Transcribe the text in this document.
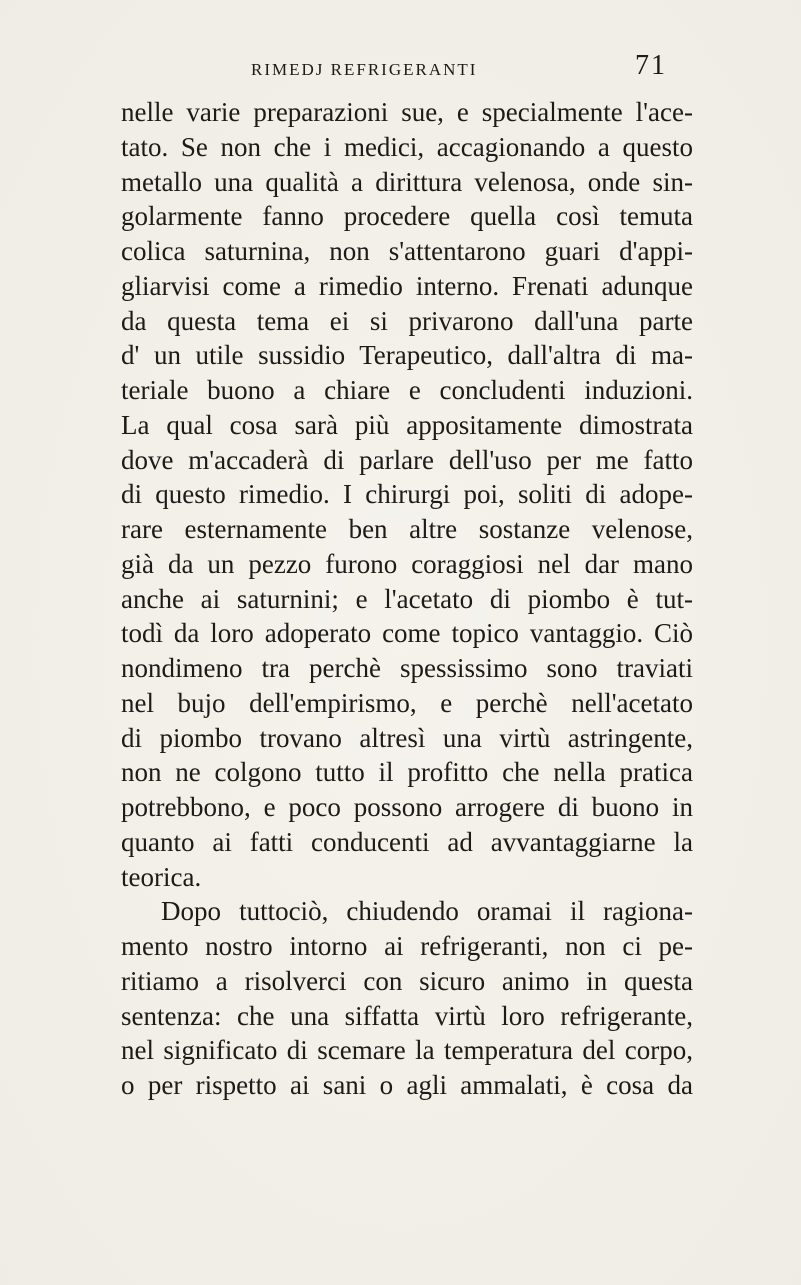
RIMEDJ REFRIGERANTI	71
nelle varie preparazioni sue, e specialmente l'ace-
tato. Se non che i medici, accagionando a questo
metallo una qualità a dirittura velenosa, onde sin-
golarmente fanno procedere quella così temuta
colica saturnina, non s'attentarono guari d'appi-
gliarvisi come a rimedio interno. Frenati adunque
da questa tema ei si privarono dall'una parte
d' un utile sussidio Terapeutico, dall'altra di ma-
teriale buono a chiare e concludenti induzioni.
La qual cosa sarà più appositamente dimostrata
dove m'accaderà di parlare dell'uso per me fatto
di questo rimedio. I chirurgi poi, soliti di adope-
rare esternamente ben altre sostanze velenose,
già da un pezzo furono coraggiosi nel dar mano
anche ai saturnini; e l'acetato di piombo è tut-
todì da loro adoperato come topico vantaggio. Ciò
nondimeno tra perchè spessissimo sono traviati
nel bujo dell'empirismo, e perchè nell'acetato
di piombo trovano altresì una virtù astringente,
non ne colgono tutto il profitto che nella pratica
potrebbono, e poco possono arrogere di buono in
quanto ai fatti conducenti ad avvantaggiarne la
teorica.
Dopo tuttociò, chiudendo oramai il ragiona-
mento nostro intorno ai refrigeranti, non ci pe-
ritiamo a risolverci con sicuro animo in questa
sentenza: che una siffatta virtù loro refrigerante,
nel significato di scemare la temperatura del corpo,
o per rispetto ai sani o agli ammalati, è cosa da
